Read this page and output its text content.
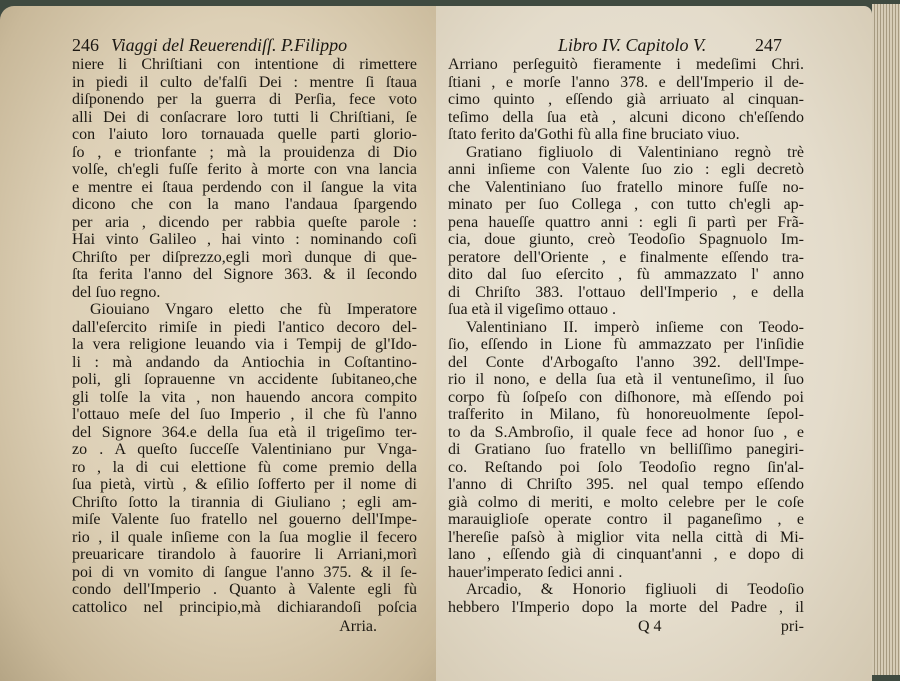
246 Viaggi del Reuerendiſſ. P.Filippo
niere li Chriſtiani con intentione di rimettere
in piedi il culto de'falſi Dei : mentre ſi ſtaua
diſponendo per la guerra di Perſia, fece voto
alli Dei di conſacrare loro tutti li Chriſtiani, ſe
con l'aiuto loro tornauada quelle parti glorio-
ſo , e trionfante ; mà la prouidenza di Dio
volſe, ch'egli fuſſe ferito à morte con vna lancia
e mentre ei ſtaua perdendo con il ſangue la vita
dicono che con la mano l'andaua ſpargendo
per aria , dicendo per rabbia queſte parole :
Hai vinto Galileo , hai vinto : nominando coſi
Chriſto per diſprezzo,egli morì dunque di que-
ſta ferita l'anno del Signore 363. & il ſecondo
del ſuo regno.
Giouiano Vngaro eletto che fù Imperatore
dall'eſercito rimiſe in piedi l'antico decoro del-
la vera religione leuando via i Tempij de gl'Ido-
li : mà andando da Antiochia in Coſtantino-
poli, gli ſoprauenne vn accidente ſubitaneo,che
gli tolſe la vita , non hauendo ancora compito
l'ottauo meſe del ſuo Imperio , il che fù l'anno
del Signore 364.e della ſua età il trigeſimo ter-
zo . A queſto ſucceſſe Valentiniano pur Vnga-
ro , la di cui elettione fù come premio della
ſua pietà, virtù , & eſilio ſofferto per il nome di
Chriſto ſotto la tirannia di Giuliano ; egli am-
miſe Valente ſuo fratello nel gouerno dell'Impe-
rio , il quale inſieme con la ſua moglie il fecero
preuaricare tirandolo à fauorire li Arriani,morì
poi di vn vomito di ſangue l'anno 375. & il ſe-
condo dell'Imperio . Quanto à Valente egli fù
cattolico nel principio,mà dichiarandoſi poſcia
Arria.
Libro IV. Capitolo V.	247
Arriano perſeguitò fieramente i medeſimi Chri.
ſtiani , e morſe l'anno 378. e dell'Imperio il de-
cimo quinto , eſſendo già arriuato al cinquan-
teſimo della ſua età , alcuni dicono ch'eſſendo
ſtato ferito da'Gothi fù alla fine bruciato viuo.
Gratiano figliuolo di Valentiniano regnò trè
anni inſieme con Valente ſuo zio : egli decretò
che Valentiniano ſuo fratello minore fuſſe no-
minato per ſuo Collega , con tutto ch'egli ap-
pena haueſſe quattro anni : egli ſi partì per Frã-
cia, doue giunto, creò Teodoſio Spagnuolo Im-
peratore dell'Oriente , e finalmente eſſendo tra-
dito dal ſuo eſercito , fù ammazzato l' anno
di Chriſto 383. l'ottauo dell'Imperio , e della
ſua età il vigeſimo ottauo .
Valentiniano II. imperò inſieme con Teodo-
ſio, eſſendo in Lione fù ammazzato per l'inſidie
del Conte d'Arbogaſto l'anno 392. dell'Impe-
rio il nono, e della ſua età il ventuneſimo, il ſuo
corpo fù ſoſpeſo con diſhonore, mà eſſendo poi
traſferito in Milano, fù honoreuolmente ſepol-
to da S.Ambroſio, il quale fece ad honor ſuo , e
di Gratiano ſuo fratello vn belliſſimo panegiri-
co. Reſtando poi ſolo Teodoſio regno ſin'al-
l'anno di Chriſto 395. nel qual tempo eſſendo
già colmo di meriti, e molto celebre per le coſe
marauiglioſe operate contro il paganeſimo , e
l'hereſie paſsò à miglior vita nella città di Mi-
lano , eſſendo già di cinquant'anni , e dopo di
hauer'imperato ſedici anni .
Arcadio, & Honorio figliuoli di Teodoſio
hebbero l'Imperio dopo la morte del Padre , il
Q 4	pri-
